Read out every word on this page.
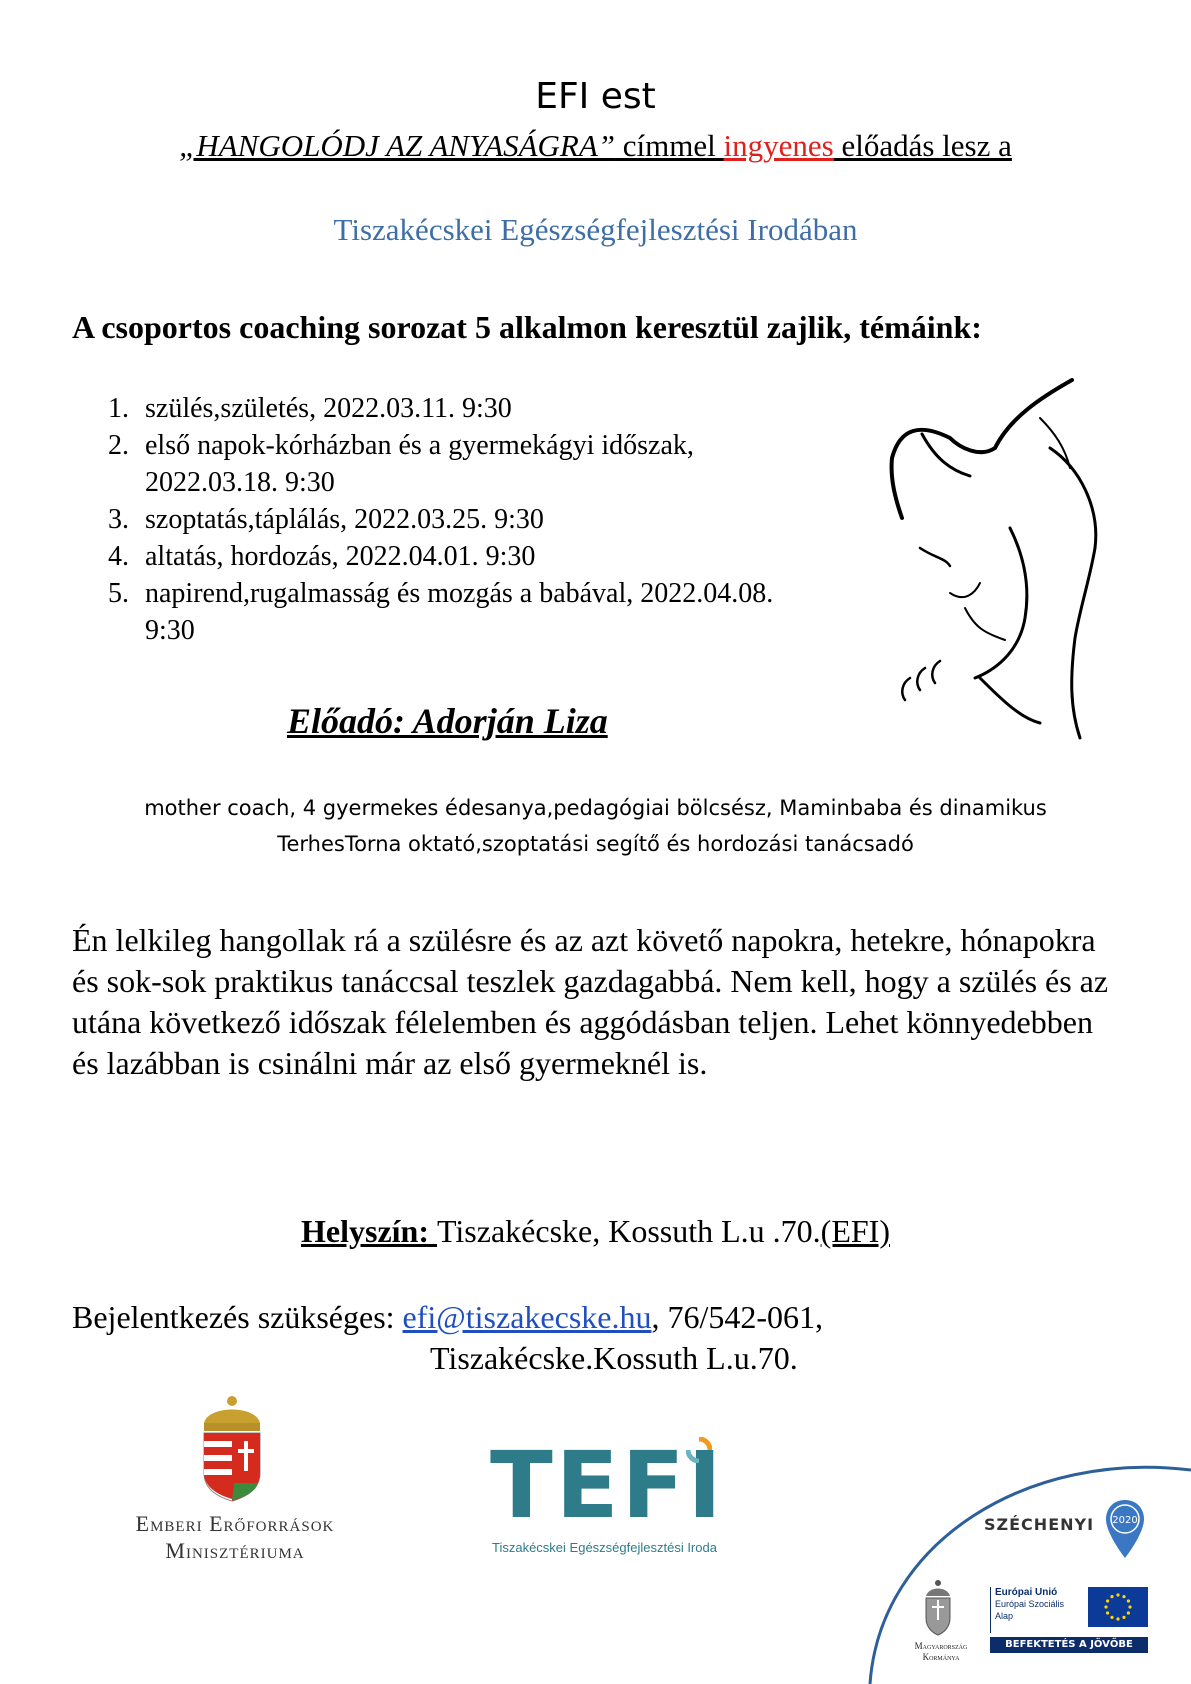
EFI est
„HANGOLÓDJ AZ ANYASÁGRA” címmel ingyenes előadás lesz a
Tiszakécskei Egészségfejlesztési Irodában
A csoportos coaching sorozat 5 alkalmon keresztül zajlik, témáink:
1. szülés,születés, 2022.03.11. 9:30
2. első napok-kórházban és a gyermekágyi időszak, 2022.03.18. 9:30
3. szoptatás,táplálás, 2022.03.25. 9:30
4. altatás, hordozás, 2022.04.01. 9:30
5. napirend,rugalmasság és mozgás a babával, 2022.04.08. 9:30
Előadó: Adorján Liza
mother coach, 4 gyermekes édesanya,pedagógiai bölcsész, Maminbaba és dinamikus
TerhesTorna oktató,szoptatási segítő és hordozási tanácsadó
Én lelkileg hangollak rá a szülésre és az azt követő napokra, hetekre, hónapokra és sok-sok praktikus tanáccsal teszlek gazdagabbá. Nem kell, hogy a szülés és az utána következő időszak félelemben és aggódásban teljen. Lehet könnyedebben és lazábban is csinálni már az első gyermeknél is.
Helyszín: Tiszakécske, Kossuth L.u .70.(EFI)
Bejelentkezés szükséges: efi@tiszakecske.hu, 76/542-061,
Tiszakécske.Kossuth L.u.70.
Emberi Erőforrások
Minisztériuma
TEFI
Tiszakécskei Egészségfejlesztési Iroda
SZÉCHENYI 2020
Magyarország
Kormánya
Európai Unió
Európai Szociális
Alap
BEFEKTETÉS A JÖVŐBE
